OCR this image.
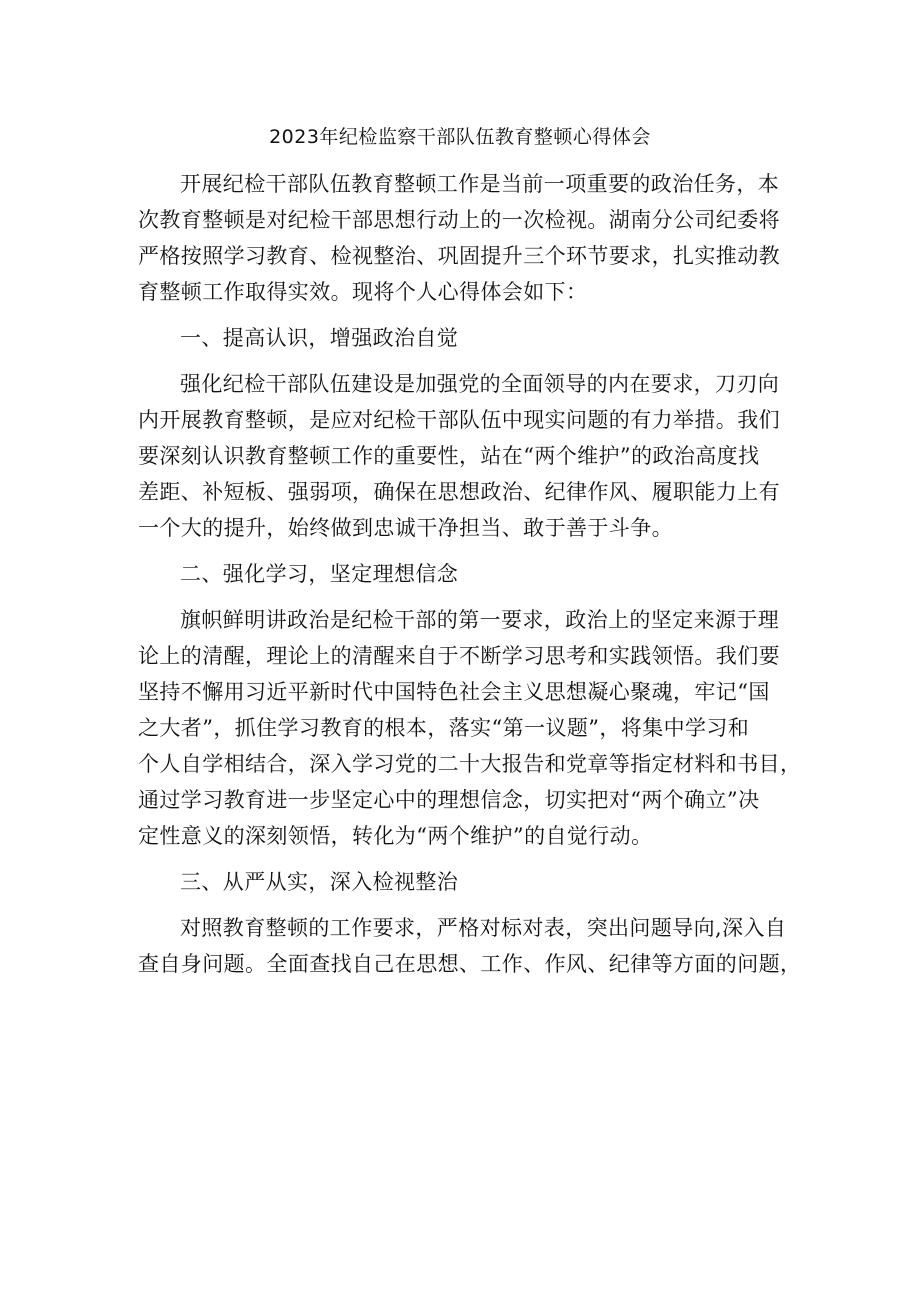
2023年纪检监察干部队伍教育整顿心得体会

开展纪检干部队伍教育整顿工作是当前一项重要的政治任务，本
次教育整顿是对纪检干部思想行动上的一次检视。湖南分公司纪委将
严格按照学习教育、检视整治、巩固提升三个环节要求，扎实推动教
育整顿工作取得实效。现将个人心得体会如下：

一、提高认识，增强政治自觉

强化纪检干部队伍建设是加强党的全面领导的内在要求，刀刃向
内开展教育整顿，是应对纪检干部队伍中现实问题的有力举措。我们
要深刻认识教育整顿工作的重要性，站在“两个维护”的政治高度找
差距、补短板、强弱项，确保在思想政治、纪律作风、履职能力上有
一个大的提升，始终做到忠诚干净担当、敢于善于斗争。

二、强化学习，坚定理想信念

旗帜鲜明讲政治是纪检干部的第一要求，政治上的坚定来源于理
论上的清醒，理论上的清醒来自于不断学习思考和实践领悟。我们要
坚持不懈用习近平新时代中国特色社会主义思想凝心聚魂，牢记“国
之大者”，抓住学习教育的根本，落实“第一议题”，将集中学习和
个人自学相结合，深入学习党的二十大报告和党章等指定材料和书目，
通过学习教育进一步坚定心中的理想信念，切实把对“两个确立”决
定性意义的深刻领悟，转化为“两个维护”的自觉行动。

三、从严从实，深入检视整治

对照教育整顿的工作要求，严格对标对表，突出问题导向,深入自
查自身问题。全面查找自己在思想、工作、作风、纪律等方面的问题，
